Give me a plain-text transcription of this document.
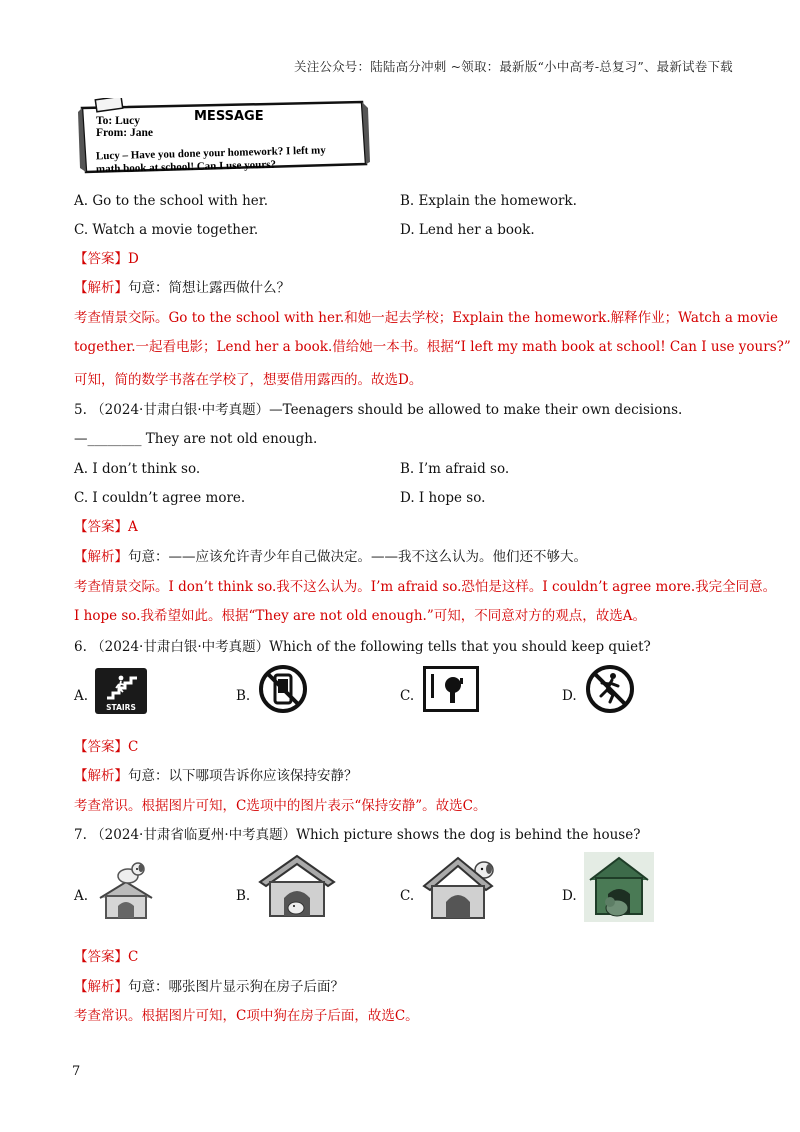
关注公众号：陆陆高分冲刺 ~领取：最新版“小中高考-总复习”、最新试卷下载
MESSAGE
To: Lucy
From: Jane
Lucy – Have you done your homework? I left my
math book at school! Can I use yours?
A. Go to the school with her.	B. Explain the homework.
C. Watch a movie together.	D. Lend her a book.
【答案】D
【解析】句意：简想让露西做什么？
考查情景交际。Go to the school with her.和她一起去学校；Explain the homework.解释作业；Watch a movie
together.一起看电影；Lend her a book.借给她一本书。根据“I left my math book at school! Can I use yours?”
可知，简的数学书落在学校了，想要借用露西的。故选D。
5. （2024·甘肃白银·中考真题）—Teenagers should be allowed to make their own decisions.
—________ They are not old enough.
A. I don’t think so.	B. I’m afraid so.
C. I couldn’t agree more.	D. I hope so.
【答案】A
【解析】句意：——应该允许青少年自己做决定。——我不这么认为。他们还不够大。
考查情景交际。I don’t think so.我不这么认为。I’m afraid so.恐怕是这样。I couldn’t agree more.我完全同意。
I hope so.我希望如此。根据“They are not old enough.”可知，不同意对方的观点，故选A。
6. （2024·甘肃白银·中考真题）Which of the following tells that you should keep quiet?
A.
STAIRS
B.	C.	D.
【答案】C
【解析】句意：以下哪项告诉你应该保持安静？
考查常识。根据图片可知，C选项中的图片表示“保持安静”。故选C。
7. （2024·甘肃省临夏州·中考真题）Which picture shows the dog is behind the house?
A.	B.	C.	D.
【答案】C
【解析】句意：哪张图片显示狗在房子后面？
考查常识。根据图片可知，C项中狗在房子后面，故选C。
7
